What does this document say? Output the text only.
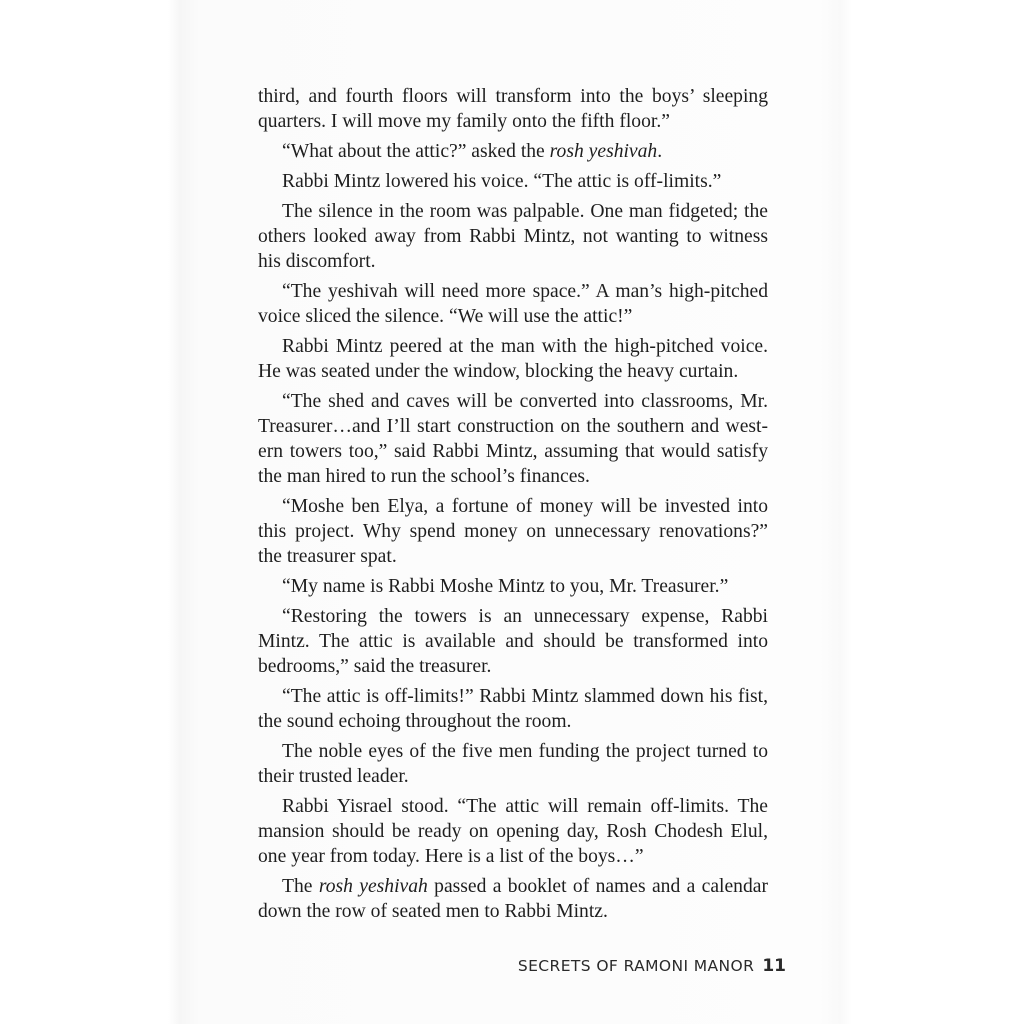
third, and fourth floors will transform into the boys’ sleeping quarters. I will move my family onto the fifth floor.”

“What about the attic?” asked the rosh yeshivah.

Rabbi Mintz lowered his voice. “The attic is off-limits.”

The silence in the room was palpable. One man fidgeted; the others looked away from Rabbi Mintz, not wanting to witness his discomfort.

“The yeshivah will need more space.” A man’s high-pitched voice sliced the silence. “We will use the attic!”

Rabbi Mintz peered at the man with the high-pitched voice. He was seated under the window, blocking the heavy curtain.

“The shed and caves will be converted into classrooms, Mr. Treasurer…and I’ll start construction on the southern and western towers too,” said Rabbi Mintz, assuming that would satisfy the man hired to run the school’s finances.

“Moshe ben Elya, a fortune of money will be invested into this project. Why spend money on unnecessary renovations?” the treasurer spat.

“My name is Rabbi Moshe Mintz to you, Mr. Treasurer.”

“Restoring the towers is an unnecessary expense, Rabbi Mintz. The attic is available and should be transformed into bedrooms,” said the treasurer.

“The attic is off-limits!” Rabbi Mintz slammed down his fist, the sound echoing throughout the room.

The noble eyes of the five men funding the project turned to their trusted leader.

Rabbi Yisrael stood. “The attic will remain off-limits. The mansion should be ready on opening day, Rosh Chodesh Elul, one year from today. Here is a list of the boys…”

The rosh yeshivah passed a booklet of names and a calendar down the row of seated men to Rabbi Mintz.

SECRETS OF RAMONI MANOR 11
